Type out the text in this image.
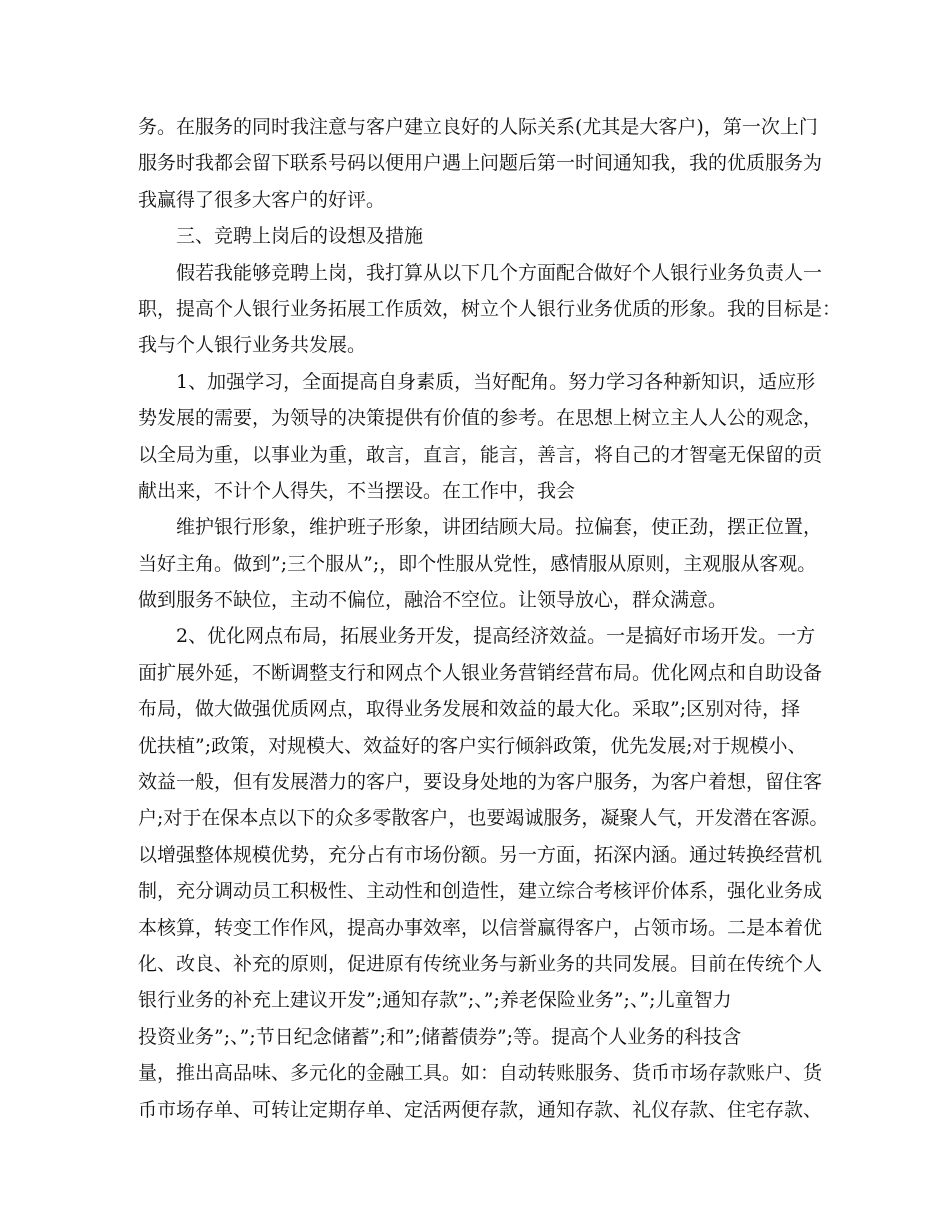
务。在服务的同时我注意与客户建立良好的人际关系(尤其是大客户)，第一次上门
服务时我都会留下联系号码以便用户遇上问题后第一时间通知我，我的优质服务为
我赢得了很多大客户的好评。
三、竞聘上岗后的设想及措施
假若我能够竞聘上岗，我打算从以下几个方面配合做好个人银行业务负责人一
职，提高个人银行业务拓展工作质效，树立个人银行业务优质的形象。我的目标是：
我与个人银行业务共发展。
1、加强学习，全面提高自身素质，当好配角。努力学习各种新知识，适应形
势发展的需要，为领导的决策提供有价值的参考。在思想上树立主人人公的观念，
以全局为重，以事业为重，敢言，直言，能言，善言，将自己的才智毫无保留的贡
献出来，不计个人得失，不当摆设。在工作中，我会
维护银行形象，维护班子形象，讲团结顾大局。拉偏套，使正劲，摆正位置，
当好主角。做到”;三个服从”;，即个性服从党性，感情服从原则，主观服从客观。
做到服务不缺位，主动不偏位，融洽不空位。让领导放心，群众满意。
2、优化网点布局，拓展业务开发，提高经济效益。一是搞好市场开发。一方
面扩展外延，不断调整支行和网点个人银业务营销经营布局。优化网点和自助设备
布局，做大做强优质网点，取得业务发展和效益的最大化。采取”;区别对待，择
优扶植”;政策，对规模大、效益好的客户实行倾斜政策，优先发展;对于规模小、
效益一般，但有发展潜力的客户，要设身处地的为客户服务，为客户着想，留住客
户;对于在保本点以下的众多零散客户，也要竭诚服务，凝聚人气，开发潜在客源。
以增强整体规模优势，充分占有市场份额。另一方面，拓深内涵。通过转换经营机
制，充分调动员工积极性、主动性和创造性，建立综合考核评价体系，强化业务成
本核算，转变工作作风，提高办事效率，以信誉赢得客户，占领市场。二是本着优
化、改良、补充的原则，促进原有传统业务与新业务的共同发展。目前在传统个人
银行业务的补充上建议开发”;通知存款”;、”;养老保险业务”;、”;儿童智力
投资业务”;、”;节日纪念储蓄”;和”;储蓄债券”;等。提高个人业务的科技含
量，推出高品味、多元化的金融工具。如：自动转账服务、货币市场存款账户、货
币市场存单、可转让定期存单、定活两便存款，通知存款、礼仪存款、住宅存款、
